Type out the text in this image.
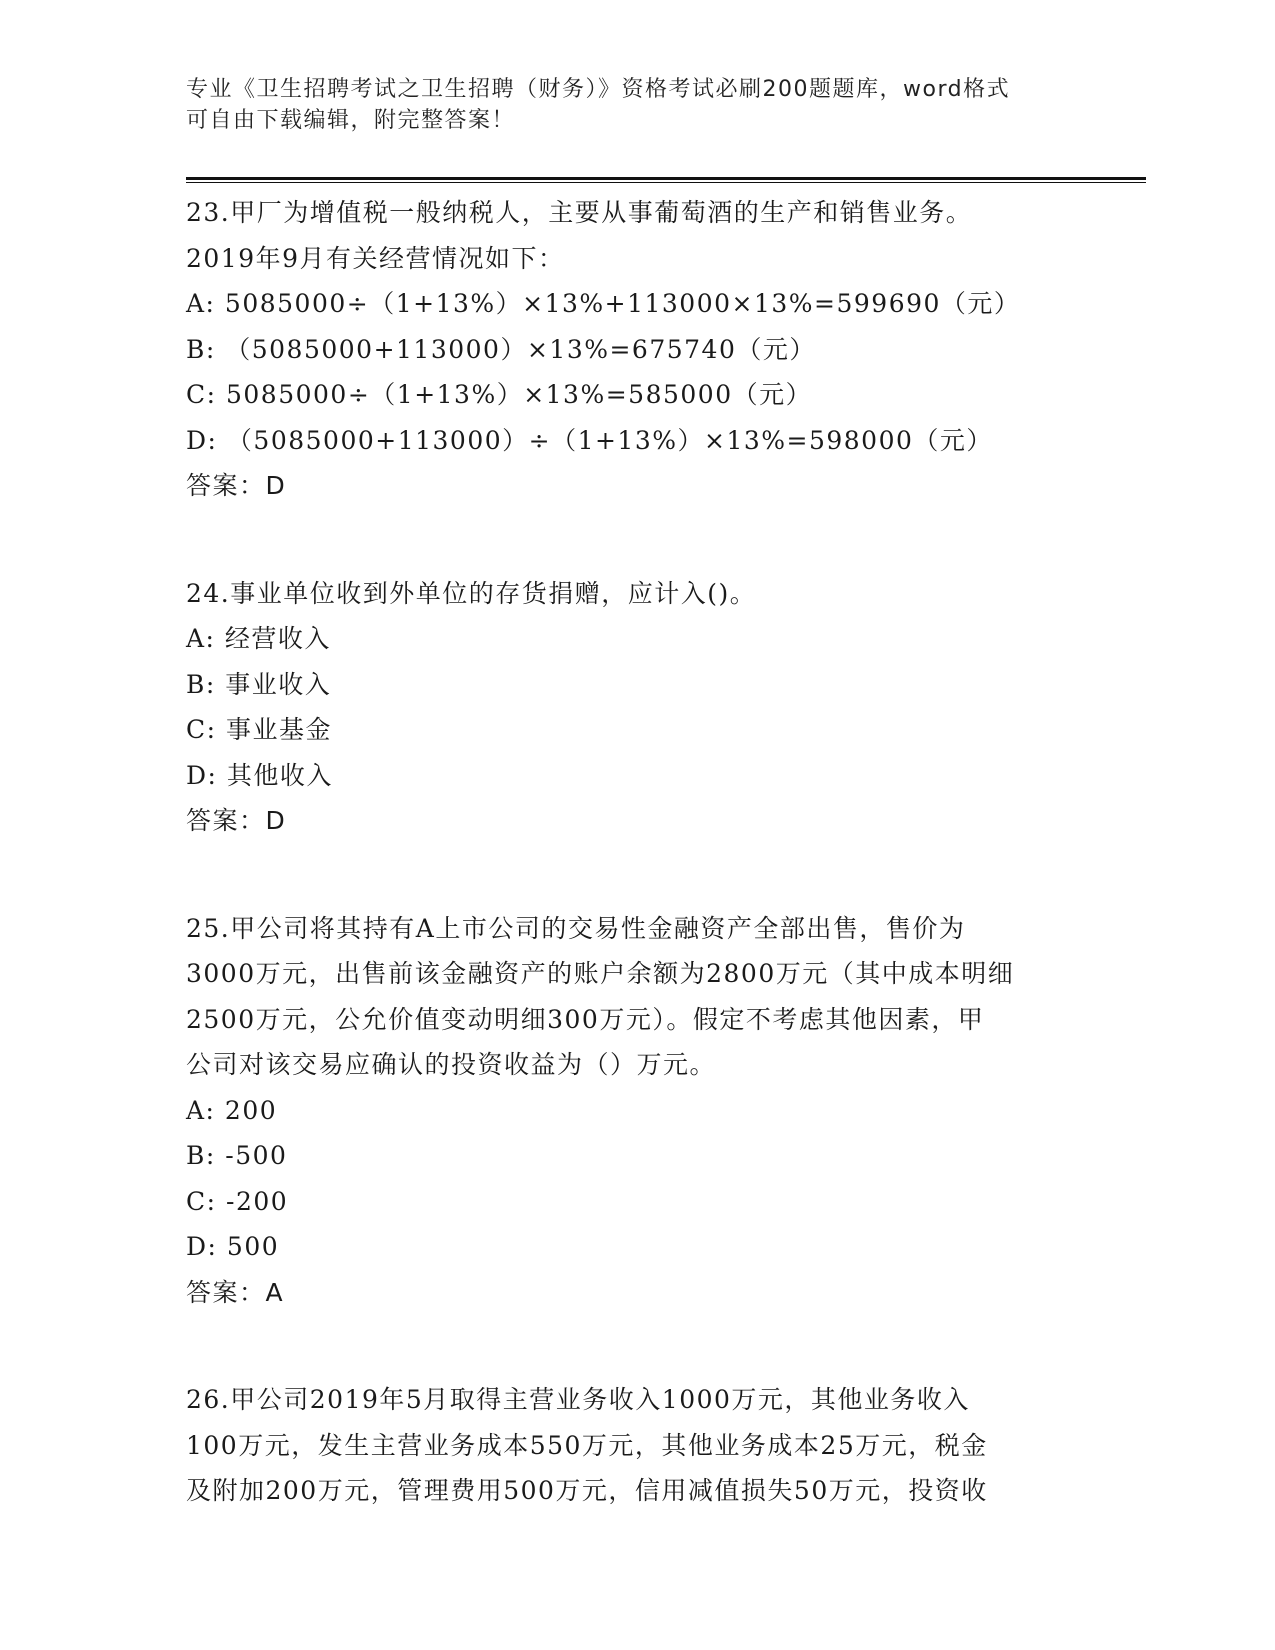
专业《卫生招聘考试之卫生招聘（财务）》资格考试必刷200题题库，word格式
可自由下载编辑，附完整答案！
23.甲厂为增值税一般纳税人，主要从事葡萄酒的生产和销售业务。
2019年9月有关经营情况如下：
A: 5085000÷（1+13%）×13%+113000×13%=599690（元）
B: （5085000+113000）×13%=675740（元）
C: 5085000÷（1+13%）×13%=585000（元）
D: （5085000+113000）÷（1+13%）×13%=598000（元）
答案：D
24.事业单位收到外单位的存货捐赠，应计入()。
A: 经营收入
B: 事业收入
C: 事业基金
D: 其他收入
答案：D
25.甲公司将其持有A上市公司的交易性金融资产全部出售，售价为
3000万元，出售前该金融资产的账户余额为2800万元（其中成本明细
2500万元，公允价值变动明细300万元）。假定不考虑其他因素，甲
公司对该交易应确认的投资收益为（）万元。
A: 200
B: -500
C: -200
D: 500
答案：A
26.甲公司2019年5月取得主营业务收入1000万元，其他业务收入
100万元，发生主营业务成本550万元，其他业务成本25万元，税金
及附加200万元，管理费用500万元，信用减值损失50万元，投资收
